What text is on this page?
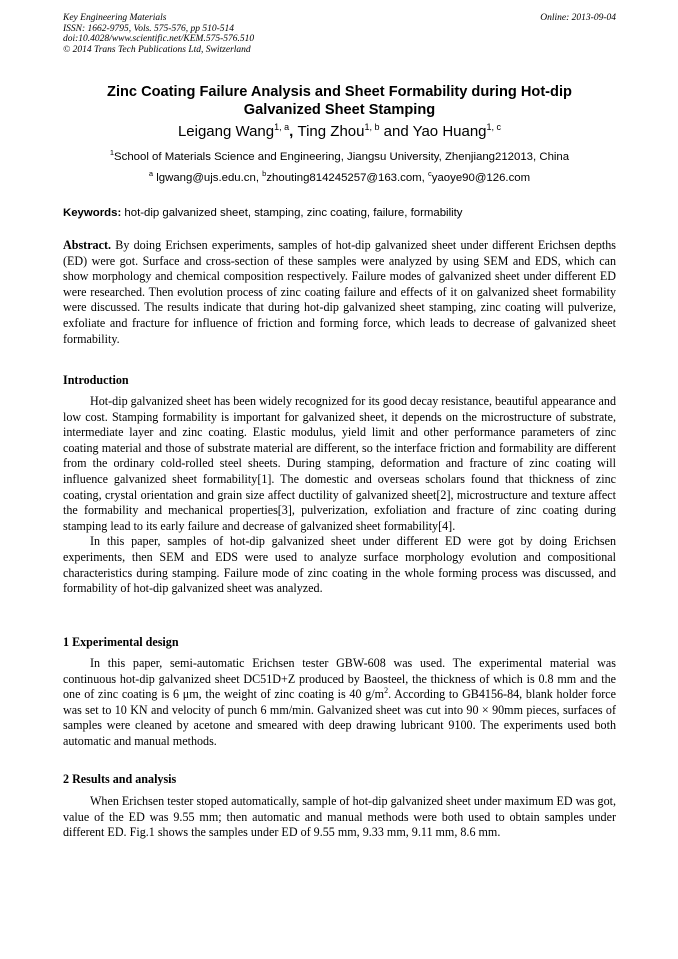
Key Engineering Materials
ISSN: 1662-9795, Vols. 575-576, pp 510-514
doi:10.4028/www.scientific.net/KEM.575-576.510
© 2014 Trans Tech Publications Ltd, Switzerland
Online: 2013-09-04
Zinc Coating Failure Analysis and Sheet Formability during Hot-dip
Galvanized Sheet Stamping
Leigang Wang$^{1, a}$, Ting Zhou$^{1, b}$ and Yao Huang$^{1, c}$
$^1$School of Materials Science and Engineering, Jiangsu University, Zhenjiang212013, China
$^a$ lgwang@ujs.edu.cn, $^b$zhouting814245257@163.com, $^c$yaoye90@126.com
Keywords: hot-dip galvanized sheet, stamping, zinc coating, failure, formability

Abstract. By doing Erichsen experiments, samples of hot-dip galvanized sheet under different Erichsen depths (ED) were got. Surface and cross-section of these samples were analyzed by using SEM and EDS, which can show morphology and chemical composition respectively. Failure modes of galvanized sheet under different ED were researched. Then evolution process of zinc coating failure and effects of it on galvanized sheet formability were discussed. The results indicate that during hot-dip galvanized sheet stamping, zinc coating will pulverize, exfoliate and fracture for influence of friction and forming force, which leads to decrease of galvanized sheet formability.

Introduction

Hot-dip galvanized sheet has been widely recognized for its good decay resistance, beautiful appearance and low cost. Stamping formability is important for galvanized sheet, it depends on the microstructure of substrate, intermediate layer and zinc coating. Elastic modulus, yield limit and other performance parameters of zinc coating material and those of substrate material are different, so the interface friction and formability are different from the ordinary cold-rolled steel sheets. During stamping, deformation and fracture of zinc coating will influence galvanized sheet formability[1]. The domestic and overseas scholars found that thickness of zinc coating, crystal orientation and grain size affect ductility of galvanized sheet[2], microstructure and texture affect the formability and mechanical properties[3], pulverization, exfoliation and fracture of zinc coating during stamping lead to its early failure and decrease of galvanized sheet formability[4].

In this paper, samples of hot-dip galvanized sheet under different ED were got by doing Erichsen experiments, then SEM and EDS were used to analyze surface morphology evolution and compositional characteristics during stamping. Failure mode of zinc coating in the whole forming process was discussed, and formability of hot-dip galvanized sheet was analyzed.

1 Experimental design

In this paper, semi-automatic Erichsen tester GBW-608 was used. The experimental material was continuous hot-dip galvanized sheet DC51D+Z produced by Baosteel, the thickness of which is 0.8 mm and the one of zinc coating is 6 μm, the weight of zinc coating is 40 $g/m^2$. According to GB4156-84, blank holder force was set to 10 KN and velocity of punch 6 mm/min. Galvanized sheet was cut into 90 × 90mm pieces, surfaces of samples were cleaned by acetone and smeared with deep drawing lubricant 9100. The experiments used both automatic and manual methods.

2 Results and analysis

When Erichsen tester stoped automatically, sample of hot-dip galvanized sheet under maximum ED was got, value of the ED was 9.55 mm; then automatic and manual methods were both used to obtain samples under different ED. Fig.1 shows the samples under ED of 9.55 mm, 9.33 mm, 9.11 mm, 8.6 mm.
